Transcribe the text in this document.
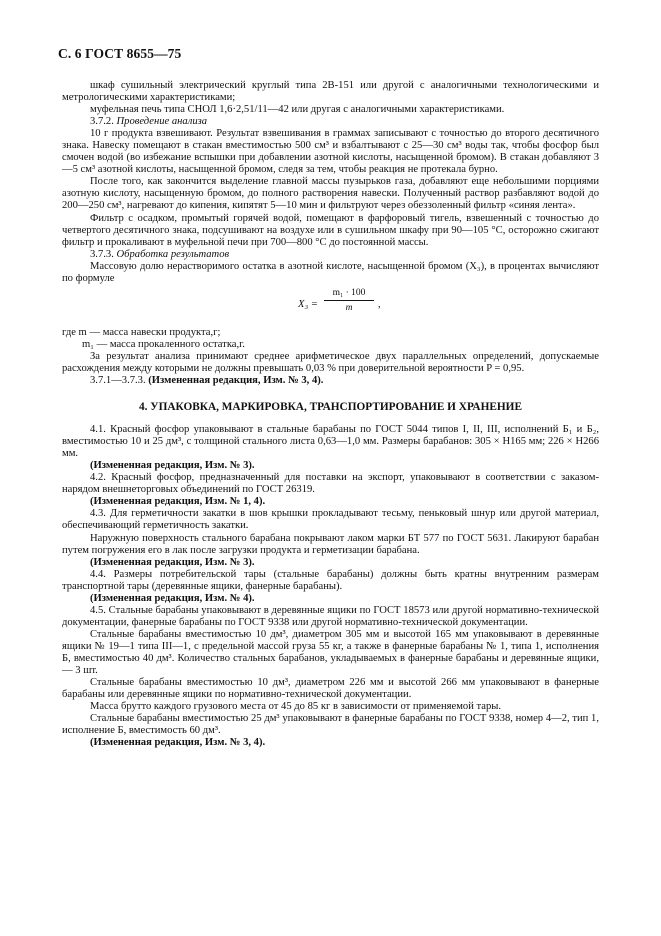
С. 6 ГОСТ 8655—75

шкаф сушильный электрический круглый типа 2В-151 или другой с аналогичными технологическими и метрологическими характеристиками;

муфельная печь типа СНОЛ 1,6·2,51/11—42 или другая с аналогичными характеристиками.

3.7.2. Проведение анализа

10 г продукта взвешивают. Результат взвешивания в граммах записывают с точностью до второго десятичного знака. Навеску помещают в стакан вместимостью 500 см³ и взбалтывают с 25—30 см³ воды так, чтобы фосфор был смочен водой (во избежание вспышки при добавлении азотной кислоты, насыщенной бромом). В стакан добавляют 3—5 см³ азотной кислоты, насыщенной бромом, следя за тем, чтобы реакция не протекала бурно.

После того, как закончится выделение главной массы пузырьков газа, добавляют еще небольшими порциями азотную кислоту, насыщенную бромом, до полного растворения навески. Полученный раствор разбавляют водой до 200—250 см³, нагревают до кипения, кипятят 5—10 мин и фильтруют через обеззоленный фильтр «синяя лента».

Фильтр с осадком, промытый горячей водой, помещают в фарфоровый тигель, взвешенный с точностью до четвертого десятичного знака, подсушивают на воздухе или в сушильном шкафу при 90—105 °С, осторожно сжигают фильтр и прокаливают в муфельной печи при 700—800 °С до постоянной массы.

3.7.3. Обработка результатов

Массовую долю нерастворимого остатка в азотной кислоте, насыщенной бромом (X₃), в процентах вычисляют по формуле

$X_3 = \frac{\text{m₁ · 100}}{m}$ ,

где m — масса навески продукта,г;

m₁ — масса прокаленного остатка,г.

За результат анализа принимают среднее арифметическое двух параллельных определений, допускаемые расхождения между которыми не должны превышать 0,03 % при доверительной вероятности P = 0,95.

3.7.1—3.7.3. (Измененная редакция, Изм. № 3, 4).

4. УПАКОВКА, МАРКИРОВКА, ТРАНСПОРТИРОВАНИЕ И ХРАНЕНИЕ

4.1. Красный фосфор упаковывают в стальные барабаны по ГОСТ 5044 типов I, II, III, исполнений Б₁ и Б₂, вместимостью 10 и 25 дм³, с толщиной стального листа 0,63—1,0 мм. Размеры барабанов: 305 × H165 мм; 226 × H266 мм.

(Измененная редакция, Изм. № 3).

4.2. Красный фосфор, предназначенный для поставки на экспорт, упаковывают в соответствии с заказом-нарядом внешнеторговых объединений по ГОСТ 26319.

(Измененная редакция, Изм. № 1, 4).

4.3. Для герметичности закатки в шов крышки прокладывают тесьму, пеньковый шнур или другой материал, обеспечивающий герметичность закатки.

Наружную поверхность стального барабана покрывают лаком марки БТ 577 по ГОСТ 5631. Лакируют барабан путем погружения его в лак после загрузки продукта и герметизации барабана.

(Измененная редакция, Изм. № 3).

4.4. Размеры потребительской тары (стальные барабаны) должны быть кратны внутренним размерам транспортной тары (деревянные ящики, фанерные барабаны).

(Измененная редакция, Изм. № 4).

4.5. Стальные барабаны упаковывают в деревянные ящики по ГОСТ 18573 или другой нормативно-технической документации, фанерные барабаны по ГОСТ 9338 или другой нормативно-технической документации.

Стальные барабаны вместимостью 10 дм³, диаметром 305 мм и высотой 165 мм упаковывают в деревянные ящики № 19—1 типа III—1, с предельной массой груза 55 кг, а также в фанерные барабаны № 1, типа 1, исполнения Б, вместимостью 40 дм³. Количество стальных барабанов, укладываемых в фанерные барабаны и деревянные ящики, — 3 шт.

Стальные барабаны вместимостью 10 дм³, диаметром 226 мм и высотой 266 мм упаковывают в фанерные барабаны или деревянные ящики по нормативно-технической документации.

Масса брутто каждого грузового места от 45 до 85 кг в зависимости от применяемой тары.

Стальные барабаны вместимостью 25 дм³ упаковывают в фанерные барабаны по ГОСТ 9338, номер 4—2, тип 1, исполнение Б, вместимость 60 дм³.

(Измененная редакция, Изм. № 3, 4).
